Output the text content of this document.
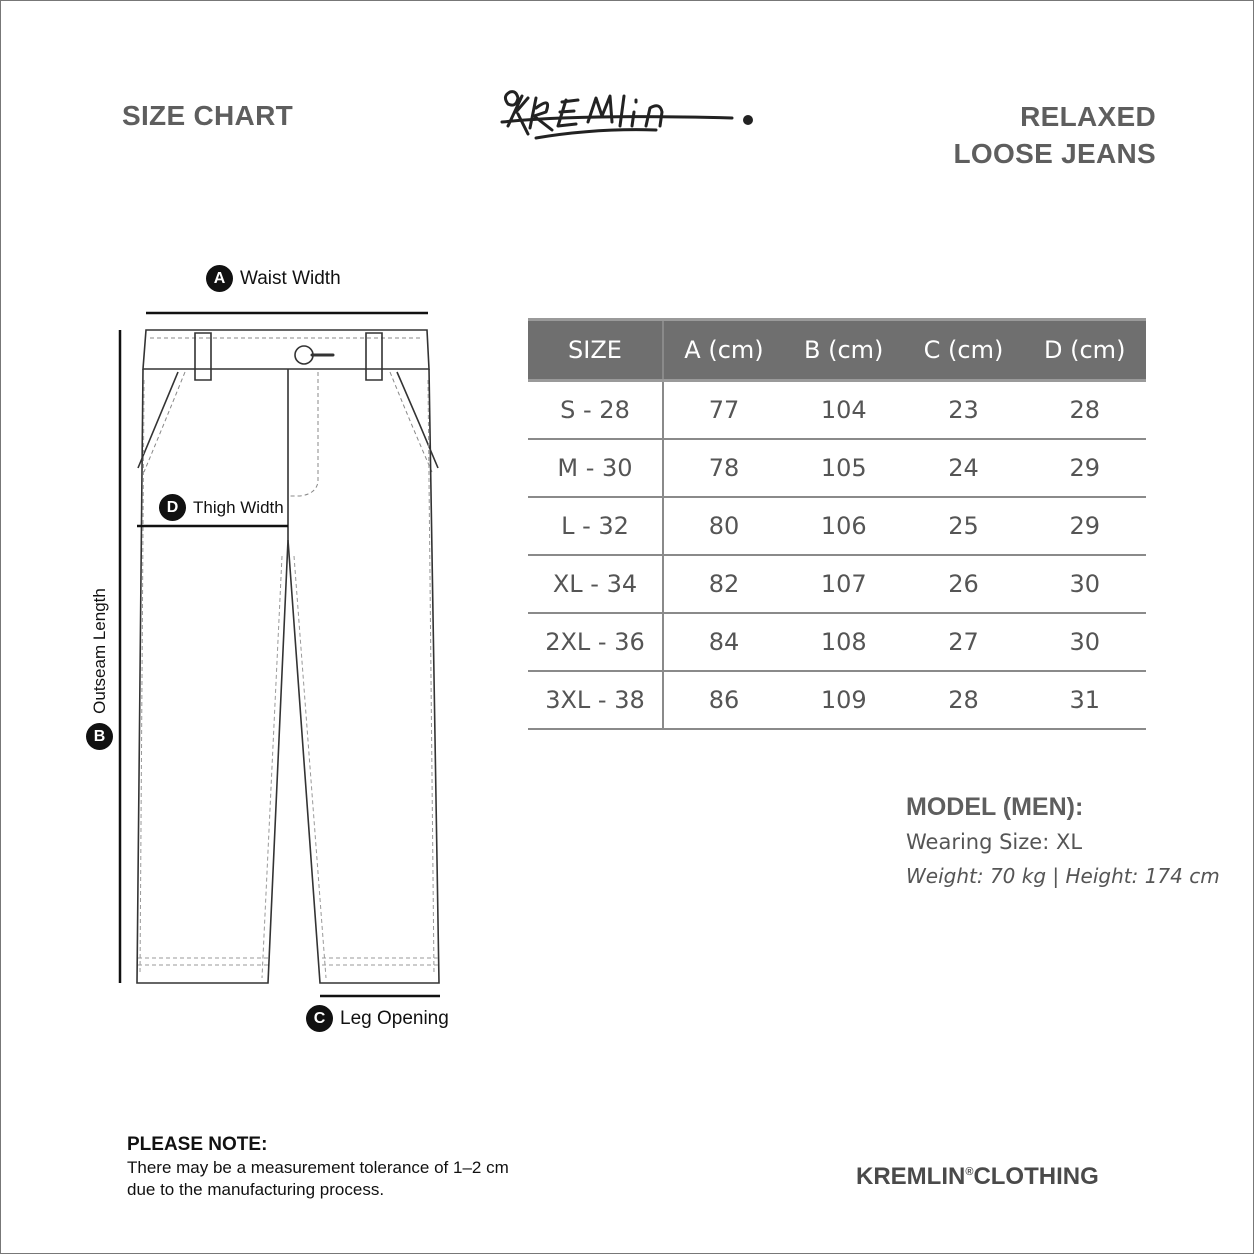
SIZE CHART	RELAXED
LOOSE JEANS
KREMLIN.
A Waist Width
D Thigh Width
C Leg Opening
Outseam Length
B
SIZE	A (cm)	B (cm)	C (cm)	D (cm)
S - 28	77	104	23	28
M - 30	78	105	24	29
L - 32	80	106	25	29
XL - 34	82	107	26	30
2XL - 36	84	108	27	30
3XL - 38	86	109	28	31
MODEL (MEN):
Wearing Size: XL
Weight: 70 kg | Height: 174 cm
PLEASE NOTE:
There may be a measurement tolerance of 1–2 cm due to the manufacturing process.	KREMLIN®CLOTHING
